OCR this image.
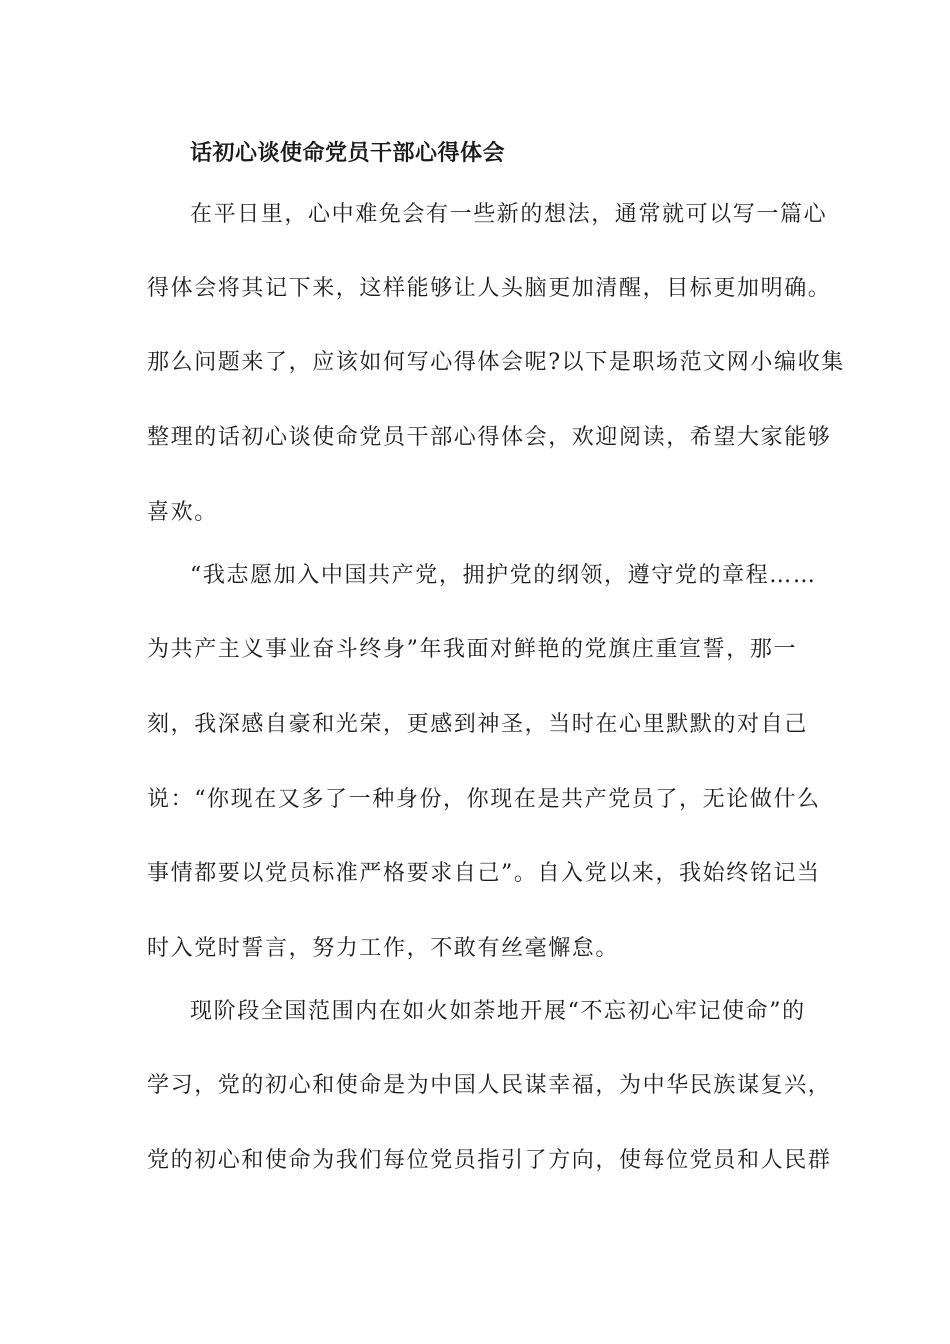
话初心谈使命党员干部心得体会
在平日里，心中难免会有一些新的想法，通常就可以写一篇心
得体会将其记下来，这样能够让人头脑更加清醒，目标更加明确。
那么问题来了，应该如何写心得体会呢?以下是职场范文网小编收集
整理的话初心谈使命党员干部心得体会，欢迎阅读，希望大家能够
喜欢。
“我志愿加入中国共产党，拥护党的纲领，遵守党的章程……
为共产主义事业奋斗终身”年我面对鲜艳的党旗庄重宣誓，那一
刻，我深感自豪和光荣，更感到神圣，当时在心里默默的对自己
说：“你现在又多了一种身份，你现在是共产党员了，无论做什么
事情都要以党员标准严格要求自己”。自入党以来，我始终铭记当
时入党时誓言，努力工作，不敢有丝毫懈怠。
现阶段全国范围内在如火如荼地开展“不忘初心牢记使命”的
学习，党的初心和使命是为中国人民谋幸福，为中华民族谋复兴，
党的初心和使命为我们每位党员指引了方向，使每位党员和人民群
